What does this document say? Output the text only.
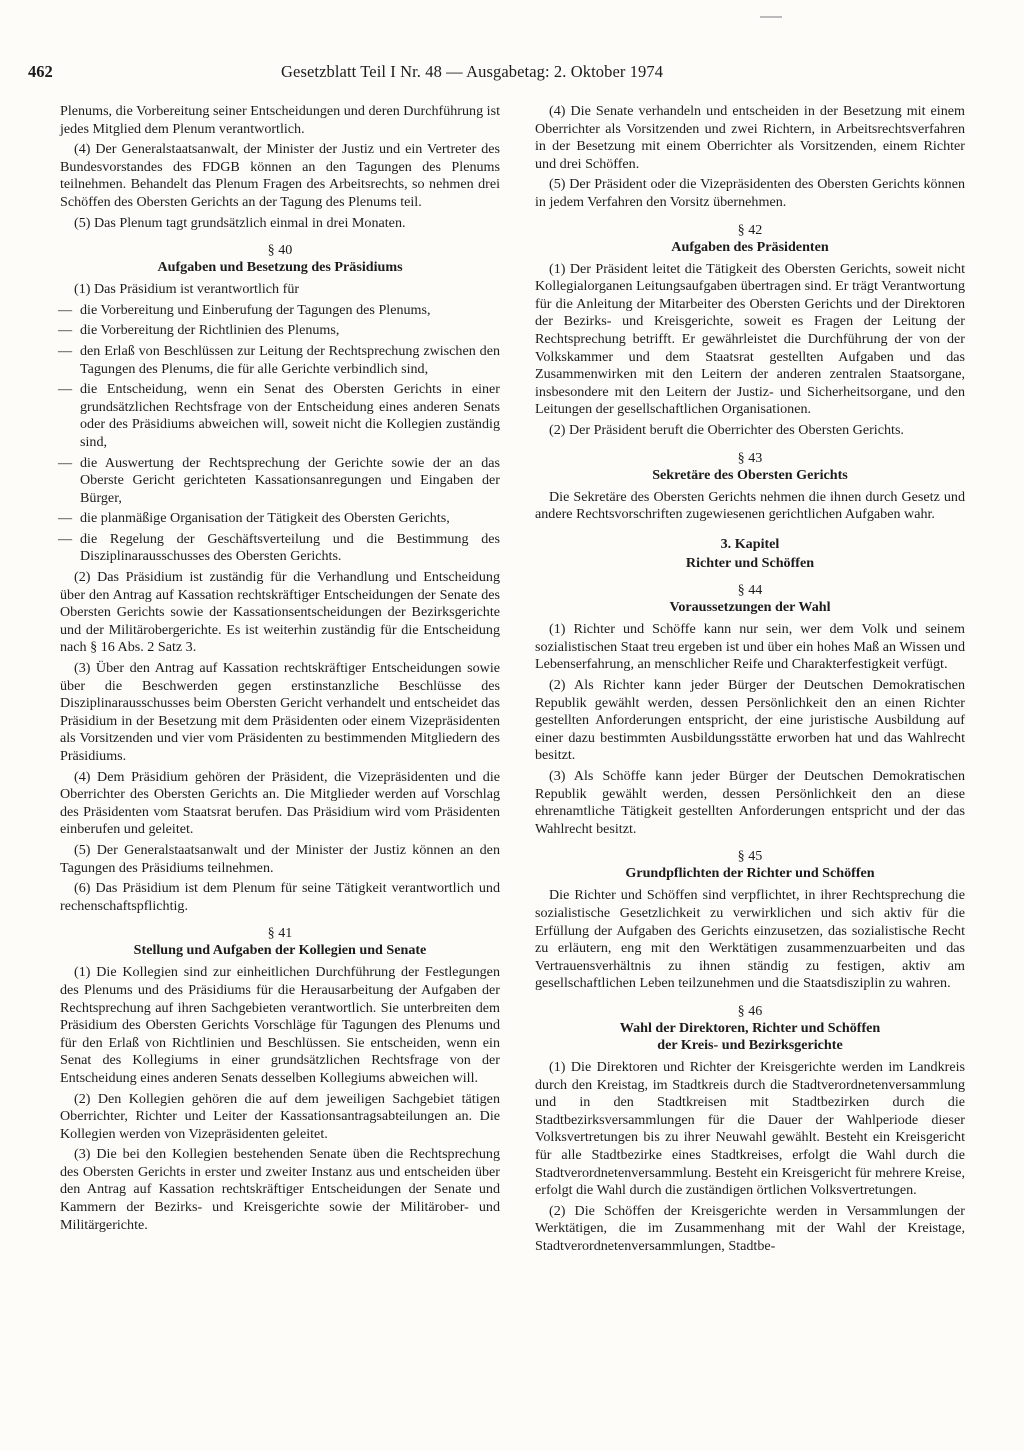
462	Gesetzblatt Teil I Nr. 48 — Ausgabetag: 2. Oktober 1974

Plenums, die Vorbereitung seiner Entscheidungen und deren Durchführung ist jedes Mitglied dem Plenum verantwortlich.

(4) Der Generalstaatsanwalt, der Minister der Justiz und ein Vertreter des Bundesvorstandes des FDGB können an den Tagungen des Plenums teilnehmen. Behandelt das Plenum Fragen des Arbeitsrechts, so nehmen drei Schöffen des Obersten Gerichts an der Tagung des Plenums teil.

(5) Das Plenum tagt grundsätzlich einmal in drei Monaten.

§ 40
Aufgaben und Besetzung des Präsidiums

(1) Das Präsidium ist verantwortlich für

— die Vorbereitung und Einberufung der Tagungen des Plenums,
— die Vorbereitung der Richtlinien des Plenums,
— den Erlaß von Beschlüssen zur Leitung der Rechtsprechung zwischen den Tagungen des Plenums, die für alle Gerichte verbindlich sind,
— die Entscheidung, wenn ein Senat des Obersten Gerichts in einer grundsätzlichen Rechtsfrage von der Entscheidung eines anderen Senats oder des Präsidiums abweichen will, soweit nicht die Kollegien zuständig sind,
— die Auswertung der Rechtsprechung der Gerichte sowie der an das Oberste Gericht gerichteten Kassationsanregungen und Eingaben der Bürger,
— die planmäßige Organisation der Tätigkeit des Obersten Gerichts,
— die Regelung der Geschäftsverteilung und die Bestimmung des Disziplinarausschusses des Obersten Gerichts.

(2) Das Präsidium ist zuständig für die Verhandlung und Entscheidung über den Antrag auf Kassation rechtskräftiger Entscheidungen der Senate des Obersten Gerichts sowie der Kassationsentscheidungen der Bezirksgerichte und der Militärobergerichte. Es ist weiterhin zuständig für die Entscheidung nach § 16 Abs. 2 Satz 3.

(3) Über den Antrag auf Kassation rechtskräftiger Entscheidungen sowie über die Beschwerden gegen erstinstanzliche Beschlüsse des Disziplinarausschusses beim Obersten Gericht verhandelt und entscheidet das Präsidium in der Besetzung mit dem Präsidenten oder einem Vizepräsidenten als Vorsitzenden und vier vom Präsidenten zu bestimmenden Mitgliedern des Präsidiums.

(4) Dem Präsidium gehören der Präsident, die Vizepräsidenten und die Oberrichter des Obersten Gerichts an. Die Mitglieder werden auf Vorschlag des Präsidenten vom Staatsrat berufen. Das Präsidium wird vom Präsidenten einberufen und geleitet.

(5) Der Generalstaatsanwalt und der Minister der Justiz können an den Tagungen des Präsidiums teilnehmen.

(6) Das Präsidium ist dem Plenum für seine Tätigkeit verantwortlich und rechenschaftspflichtig.

§ 41
Stellung und Aufgaben der Kollegien und Senate

(1) Die Kollegien sind zur einheitlichen Durchführung der Festlegungen des Plenums und des Präsidiums für die Herausarbeitung der Aufgaben der Rechtsprechung auf ihren Sachgebieten verantwortlich. Sie unterbreiten dem Präsidium des Obersten Gerichts Vorschläge für Tagungen des Plenums und für den Erlaß von Richtlinien und Beschlüssen. Sie entscheiden, wenn ein Senat des Kollegiums in einer grundsätzlichen Rechtsfrage von der Entscheidung eines anderen Senats desselben Kollegiums abweichen will.

(2) Den Kollegien gehören die auf dem jeweiligen Sachgebiet tätigen Oberrichter, Richter und Leiter der Kassationsantragsabteilungen an. Die Kollegien werden von Vizepräsidenten geleitet.

(3) Die bei den Kollegien bestehenden Senate üben die Rechtsprechung des Obersten Gerichts in erster und zweiter Instanz aus und entscheiden über den Antrag auf Kassation rechtskräftiger Entscheidungen der Senate und Kammern der Bezirks- und Kreisgerichte sowie der Militärober- und Militärgerichte.

(4) Die Senate verhandeln und entscheiden in der Besetzung mit einem Oberrichter als Vorsitzenden und zwei Richtern, in Arbeitsrechtsverfahren in der Besetzung mit einem Oberrichter als Vorsitzenden, einem Richter und drei Schöffen.

(5) Der Präsident oder die Vizepräsidenten des Obersten Gerichts können in jedem Verfahren den Vorsitz übernehmen.

§ 42
Aufgaben des Präsidenten

(1) Der Präsident leitet die Tätigkeit des Obersten Gerichts, soweit nicht Kollegialorganen Leitungsaufgaben übertragen sind. Er trägt Verantwortung für die Anleitung der Mitarbeiter des Obersten Gerichts und der Direktoren der Bezirks- und Kreisgerichte, soweit es Fragen der Leitung der Rechtsprechung betrifft. Er gewährleistet die Durchführung der von der Volkskammer und dem Staatsrat gestellten Aufgaben und das Zusammenwirken mit den Leitern der anderen zentralen Staatsorgane, insbesondere mit den Leitern der Justiz- und Sicherheitsorgane, und den Leitungen der gesellschaftlichen Organisationen.

(2) Der Präsident beruft die Oberrichter des Obersten Gerichts.

§ 43
Sekretäre des Obersten Gerichts

Die Sekretäre des Obersten Gerichts nehmen die ihnen durch Gesetz und andere Rechtsvorschriften zugewiesenen gerichtlichen Aufgaben wahr.

3. Kapitel
Richter und Schöffen
§ 44
Voraussetzungen der Wahl

(1) Richter und Schöffe kann nur sein, wer dem Volk und seinem sozialistischen Staat treu ergeben ist und über ein hohes Maß an Wissen und Lebenserfahrung, an menschlicher Reife und Charakterfestigkeit verfügt.

(2) Als Richter kann jeder Bürger der Deutschen Demokratischen Republik gewählt werden, dessen Persönlichkeit den an einen Richter gestellten Anforderungen entspricht, der eine juristische Ausbildung auf einer dazu bestimmten Ausbildungsstätte erworben hat und das Wahlrecht besitzt.

(3) Als Schöffe kann jeder Bürger der Deutschen Demokratischen Republik gewählt werden, dessen Persönlichkeit den an diese ehrenamtliche Tätigkeit gestellten Anforderungen entspricht und der das Wahlrecht besitzt.

§ 45
Grundpflichten der Richter und Schöffen

Die Richter und Schöffen sind verpflichtet, in ihrer Rechtsprechung die sozialistische Gesetzlichkeit zu verwirklichen und sich aktiv für die Erfüllung der Aufgaben des Gerichts einzusetzen, das sozialistische Recht zu erläutern, eng mit den Werktätigen zusammenzuarbeiten und das Vertrauensverhältnis zu ihnen ständig zu festigen, aktiv am gesellschaftlichen Leben teilzunehmen und die Staatsdisziplin zu wahren.

§ 46
Wahl der Direktoren, Richter und Schöffen
der Kreis- und Bezirksgerichte

(1) Die Direktoren und Richter der Kreisgerichte werden im Landkreis durch den Kreistag, im Stadtkreis durch die Stadtverordnetenversammlung und in den Stadtkreisen mit Stadtbezirken durch die Stadtbezirksversammlungen für die Dauer der Wahlperiode dieser Volksvertretungen bis zu ihrer Neuwahl gewählt. Besteht ein Kreisgericht für alle Stadtbezirke eines Stadtkreises, erfolgt die Wahl durch die Stadtverordnetenversammlung. Besteht ein Kreisgericht für mehrere Kreise, erfolgt die Wahl durch die zuständigen örtlichen Volksvertretungen.

(2) Die Schöffen der Kreisgerichte werden in Versammlungen der Werktätigen, die im Zusammenhang mit der Wahl der Kreistage, Stadtverordnetenversammlungen, Stadtbe-
